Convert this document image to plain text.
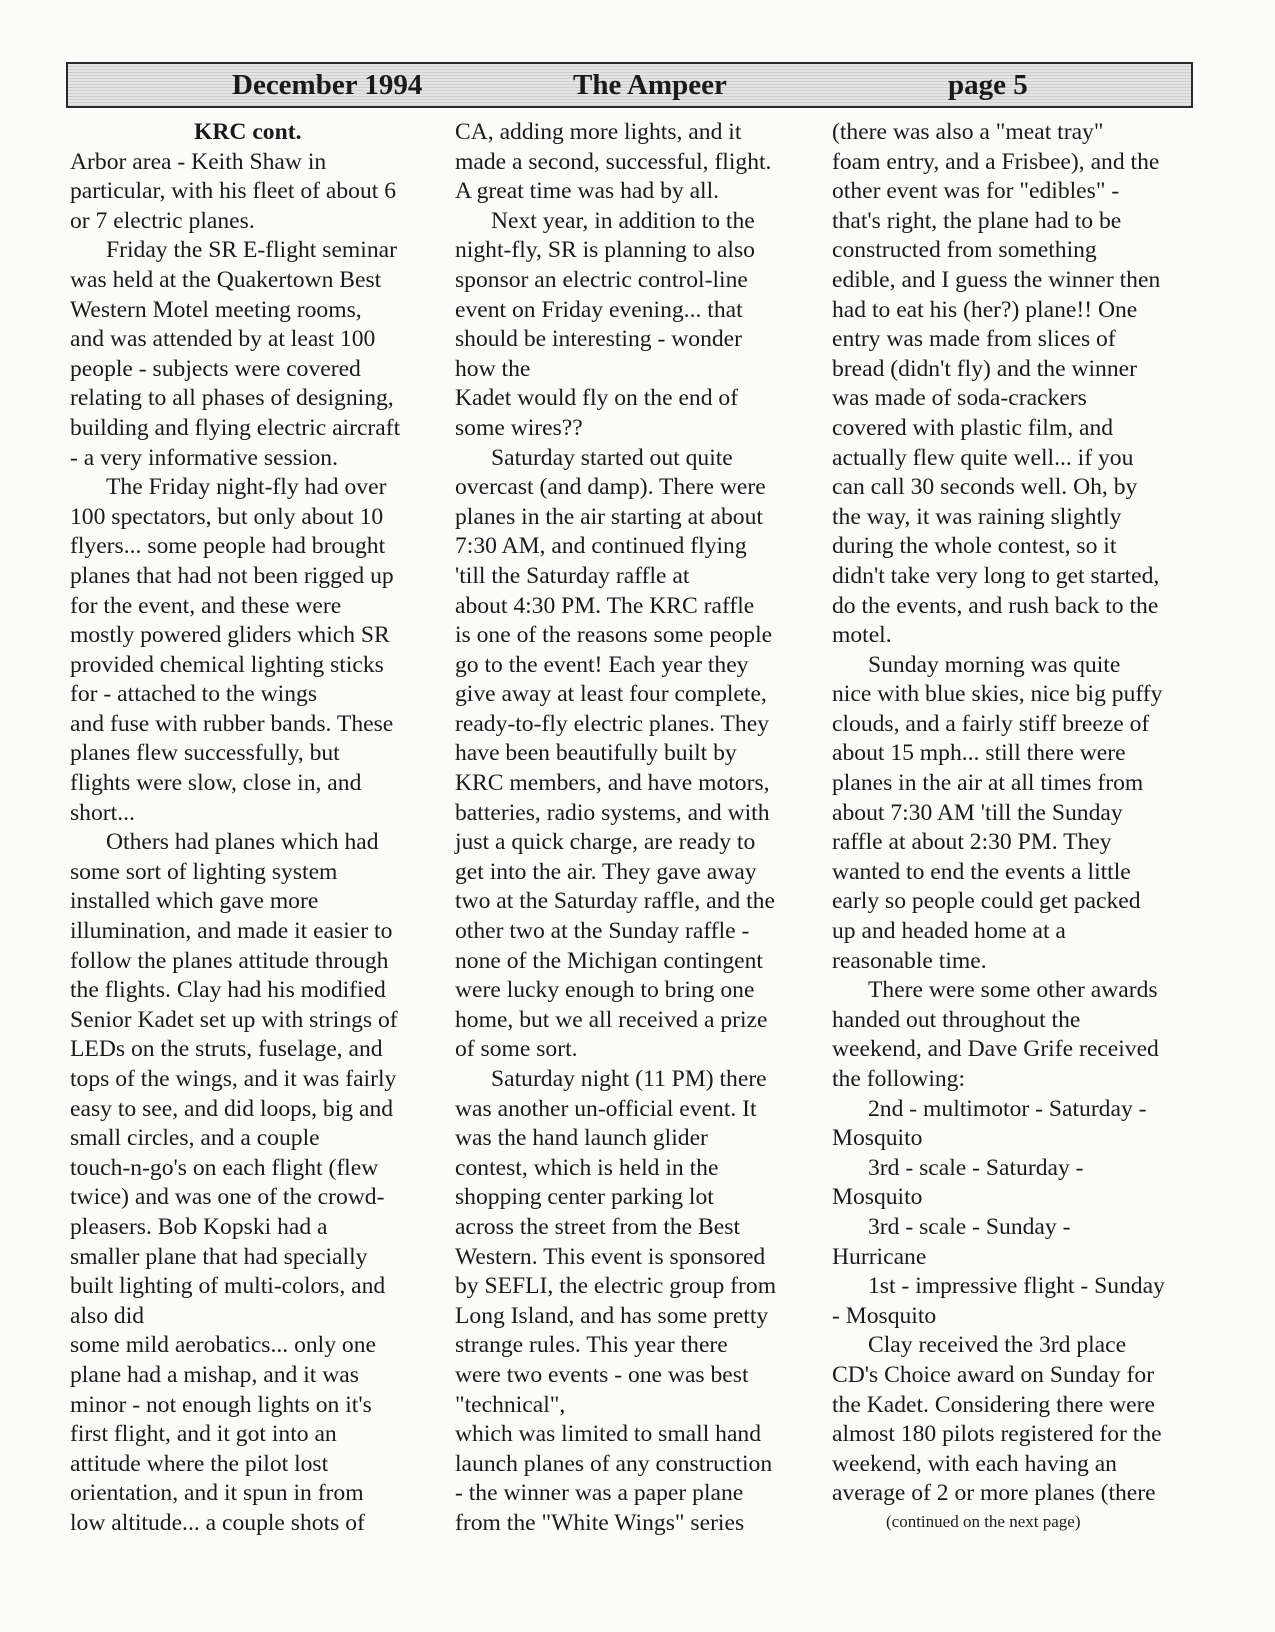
December 1994	The Ampeer	page 5

KRC cont.

Arbor area - Keith Shaw in

particular, with his fleet of about 6

or 7 electric planes.

Friday the SR E-flight seminar

was held at the Quakertown Best

Western Motel meeting rooms,

and was attended by at least 100

people - subjects were covered

relating to all phases of designing,

building and flying electric aircraft

- a very informative session.

The Friday night-fly had over

100 spectators, but only about 10

flyers... some people had brought

planes that had not been rigged up

for the event, and these were

mostly powered gliders which SR

provided chemical lighting sticks

for - attached to the wings

and fuse with rubber bands. These

planes flew successfully, but

flights were slow, close in, and

short...

Others had planes which had

some sort of lighting system

installed which gave more

illumination, and made it easier to

follow the planes attitude through

the flights. Clay had his modified

Senior Kadet set up with strings of

LEDs on the struts, fuselage, and

tops of the wings, and it was fairly

easy to see, and did loops, big and

small circles, and a couple

touch-n-go's on each flight (flew

twice) and was one of the crowd-

pleasers. Bob Kopski had a

smaller plane that had specially

built lighting of multi-colors, and

also did

some mild aerobatics... only one

plane had a mishap, and it was

minor - not enough lights on it's

first flight, and it got into an

attitude where the pilot lost

orientation, and it spun in from

low altitude... a couple shots of

CA, adding more lights, and it

made a second, successful, flight.

A great time was had by all.

Next year, in addition to the

night-fly, SR is planning to also

sponsor an electric control-line

event on Friday evening... that

should be interesting - wonder

how the

Kadet would fly on the end of

some wires??

Saturday started out quite

overcast (and damp). There were

planes in the air starting at about

7:30 AM, and continued flying

'till the Saturday raffle at

about 4:30 PM. The KRC raffle

is one of the reasons some people

go to the event! Each year they

give away at least four complete,

ready-to-fly electric planes. They

have been beautifully built by

KRC members, and have motors,

batteries, radio systems, and with

just a quick charge, are ready to

get into the air. They gave away

two at the Saturday raffle, and the

other two at the Sunday raffle -

none of the Michigan contingent

were lucky enough to bring one

home, but we all received a prize

of some sort.

Saturday night (11 PM) there

was another un-official event. It

was the hand launch glider

contest, which is held in the

shopping center parking lot

across the street from the Best

Western. This event is sponsored

by SEFLI, the electric group from

Long Island, and has some pretty

strange rules. This year there

were two events - one was best

"technical",

which was limited to small hand

launch planes of any construction

- the winner was a paper plane

from the "White Wings" series

(there was also a "meat tray"

foam entry, and a Frisbee), and the

other event was for "edibles" -

that's right, the plane had to be

constructed from something

edible, and I guess the winner then

had to eat his (her?) plane!! One

entry was made from slices of

bread (didn't fly) and the winner

was made of soda-crackers

covered with plastic film, and

actually flew quite well... if you

can call 30 seconds well. Oh, by

the way, it was raining slightly

during the whole contest, so it

didn't take very long to get started,

do the events, and rush back to the

motel.

Sunday morning was quite

nice with blue skies, nice big puffy

clouds, and a fairly stiff breeze of

about 15 mph... still there were

planes in the air at all times from

about 7:30 AM 'till the Sunday

raffle at about 2:30 PM. They

wanted to end the events a little

early so people could get packed

up and headed home at a

reasonable time.

There were some other awards

handed out throughout the

weekend, and Dave Grife received

the following:

2nd - multimotor - Saturday -

Mosquito

3rd - scale - Saturday -

Mosquito

3rd - scale - Sunday -

Hurricane

1st - impressive flight - Sunday

- Mosquito

Clay received the 3rd place

CD's Choice award on Sunday for

the Kadet. Considering there were

almost 180 pilots registered for the

weekend, with each having an

average of 2 or more planes (there

(continued on the next page)
